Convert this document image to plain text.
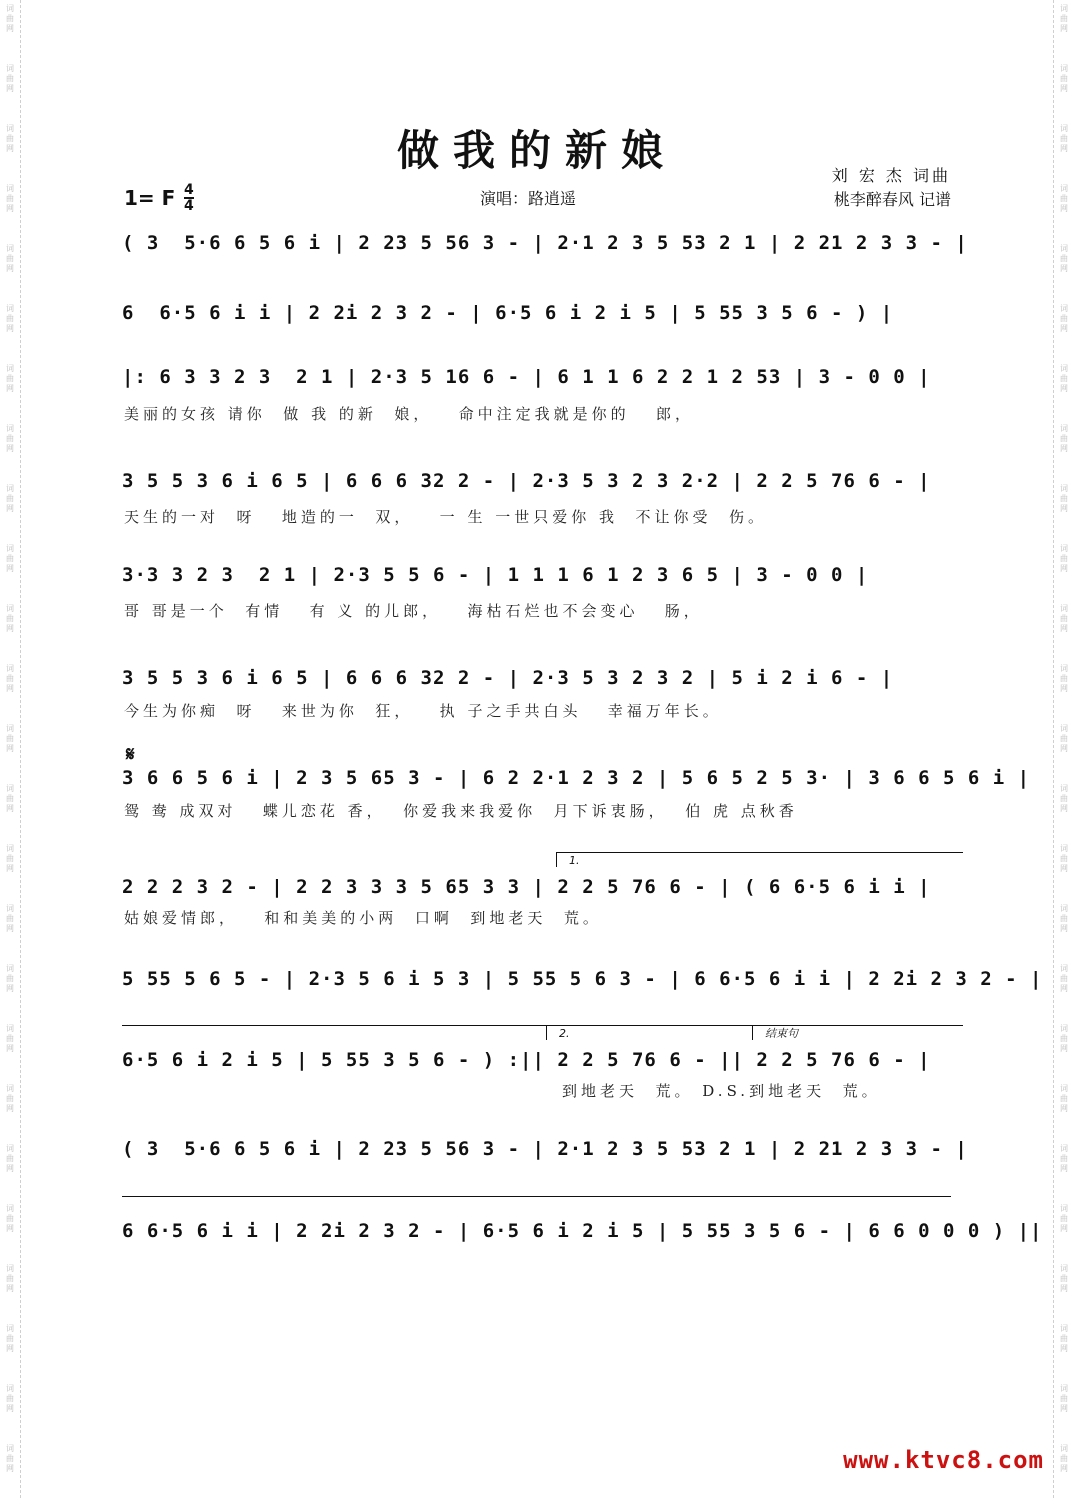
词
曲
网
词
曲
网
词
曲
网
词
曲
网
词
曲
网
词
曲
网
词
曲
网
词
曲
网
词
曲
网
词
曲
网
词
曲
网
词
曲
网
词
曲
网
词
曲
网
词
曲
网
词
曲
网
词
曲
网
词
曲
网
词
曲
网
词
曲
网
词
曲
网
词
曲
网
词
曲
网
词
曲
网
词
曲
网
词
曲
网
词
曲
网
词
曲
网
词
曲
网
词
曲
网
词
曲
网
词
曲
网
词
曲
网
词
曲
网
词
曲
网
词
曲
网
词
曲
网
词
曲
网
词
曲
网
词
曲
网
词
曲
网
词
曲
网
词
曲
网
词
曲
网
词
曲
网
词
曲
网
词
曲
网
词
曲
网
词
曲
网
词
曲
网
做我的新娘
1= F $\frac{4}{4}$	演唱：路逍遥
刘 宏 杰 词曲
桃李醉春风 记谱
( 3  5·6 6 5 6 i | 2 23 5 56 3 - | 2·1 2 3 5 53 2 1 | 2 21 2 3 3 - |
6  6·5 6 i i | 2 2i 2 3 2 - | 6·5 6 i 2 i 5 | 5 55 3 5 6 - ) |
|: 6 3 3 2 3  2 1 | 2·3 5 16 6 - | 6 1 1 6 2 2 1 2 53 | 3 - 0 0 |
美丽的女孩 请你  做 我 的新  娘，   命中注定我就是你的   郎，
3 5 5 3 6 i 6 5 | 6 6 6 32 2 - | 2·3 5 3 2 3 2·2 | 2 2 5 76 6 - |
天生的一对  呀   地造的一  双，   一 生 一世只爱你 我  不让你受  伤。
3·3 3 2 3  2 1 | 2·3 5 5 6 - | 1 1 1 6 1 2 3 6 5 | 3 - 0 0 |
哥 哥是一个  有情   有 义 的儿郎，   海枯石烂也不会变心   肠，
3 5 5 3 6 i 6 5 | 6 6 6 32 2 - | 2·3 5 3 2 3 2 | 5 i 2 i 6 - |
今生为你痴  呀   来世为你  狂，   执 子之手共白头   幸福万年长。
𝄋
3 6 6 5 6 i | 2 3 5 65 3 - | 6 2 2·1 2 3 2 | 5 6 5 2 5 3· | 3 6 6 5 6 i |
鸳 鸯 成双对   蝶儿恋花 香，  你爱我来我爱你  月下诉衷肠，  伯 虎 点秋香
1.
2 2 2 3 2 - | 2 2 3 3 3 5 65 3 3 | 2 2 5 76 6 - | ( 6 6·5 6 i i |
姑娘爱情郎，   和和美美的小两  口啊  到地老天  荒。
5 55 5 6 5 - | 2·3 5 6 i 5 3 | 5 55 5 6 3 - | 6 6·5 6 i i | 2 2i 2 3 2 - |
2.	结束句
6·5 6 i 2 i 5 | 5 55 3 5 6 - ) :|| 2 2 5 76 6 - || 2 2 5 76 6 - |
到地老天  荒。 D.S.到地老天  荒。
( 3  5·6 6 5 6 i | 2 23 5 56 3 - | 2·1 2 3 5 53 2 1 | 2 21 2 3 3 - |
6 6·5 6 i i | 2 2i 2 3 2 - | 6·5 6 i 2 i 5 | 5 55 3 5 6 - | 6 6 0 0 0 ) ||
www.ktvc8.com
